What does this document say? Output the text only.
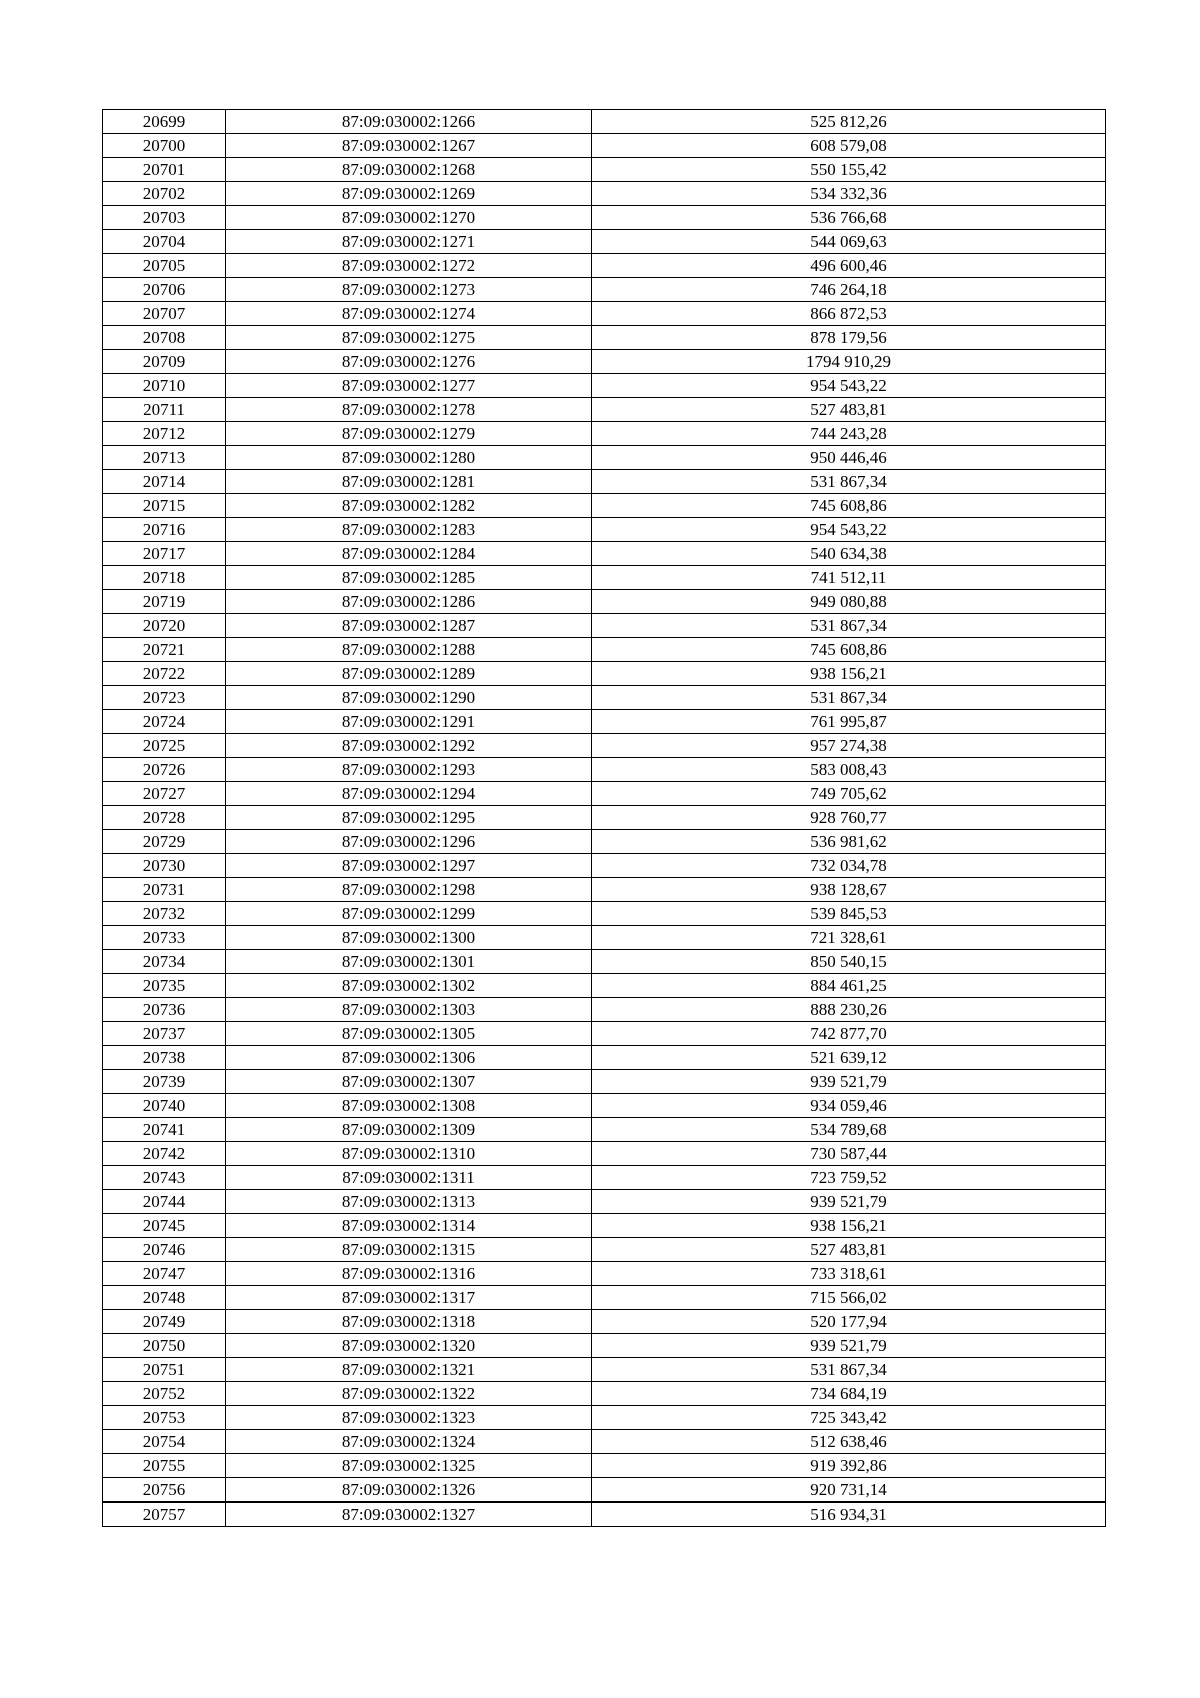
20699	87:09:030002:1266	525 812,26
20700	87:09:030002:1267	608 579,08
20701	87:09:030002:1268	550 155,42
20702	87:09:030002:1269	534 332,36
20703	87:09:030002:1270	536 766,68
20704	87:09:030002:1271	544 069,63
20705	87:09:030002:1272	496 600,46
20706	87:09:030002:1273	746 264,18
20707	87:09:030002:1274	866 872,53
20708	87:09:030002:1275	878 179,56
20709	87:09:030002:1276	1794 910,29
20710	87:09:030002:1277	954 543,22
20711	87:09:030002:1278	527 483,81
20712	87:09:030002:1279	744 243,28
20713	87:09:030002:1280	950 446,46
20714	87:09:030002:1281	531 867,34
20715	87:09:030002:1282	745 608,86
20716	87:09:030002:1283	954 543,22
20717	87:09:030002:1284	540 634,38
20718	87:09:030002:1285	741 512,11
20719	87:09:030002:1286	949 080,88
20720	87:09:030002:1287	531 867,34
20721	87:09:030002:1288	745 608,86
20722	87:09:030002:1289	938 156,21
20723	87:09:030002:1290	531 867,34
20724	87:09:030002:1291	761 995,87
20725	87:09:030002:1292	957 274,38
20726	87:09:030002:1293	583 008,43
20727	87:09:030002:1294	749 705,62
20728	87:09:030002:1295	928 760,77
20729	87:09:030002:1296	536 981,62
20730	87:09:030002:1297	732 034,78
20731	87:09:030002:1298	938 128,67
20732	87:09:030002:1299	539 845,53
20733	87:09:030002:1300	721 328,61
20734	87:09:030002:1301	850 540,15
20735	87:09:030002:1302	884 461,25
20736	87:09:030002:1303	888 230,26
20737	87:09:030002:1305	742 877,70
20738	87:09:030002:1306	521 639,12
20739	87:09:030002:1307	939 521,79
20740	87:09:030002:1308	934 059,46
20741	87:09:030002:1309	534 789,68
20742	87:09:030002:1310	730 587,44
20743	87:09:030002:1311	723 759,52
20744	87:09:030002:1313	939 521,79
20745	87:09:030002:1314	938 156,21
20746	87:09:030002:1315	527 483,81
20747	87:09:030002:1316	733 318,61
20748	87:09:030002:1317	715 566,02
20749	87:09:030002:1318	520 177,94
20750	87:09:030002:1320	939 521,79
20751	87:09:030002:1321	531 867,34
20752	87:09:030002:1322	734 684,19
20753	87:09:030002:1323	725 343,42
20754	87:09:030002:1324	512 638,46
20755	87:09:030002:1325	919 392,86
20756	87:09:030002:1326	920 731,14
20757	87:09:030002:1327	516 934,31
